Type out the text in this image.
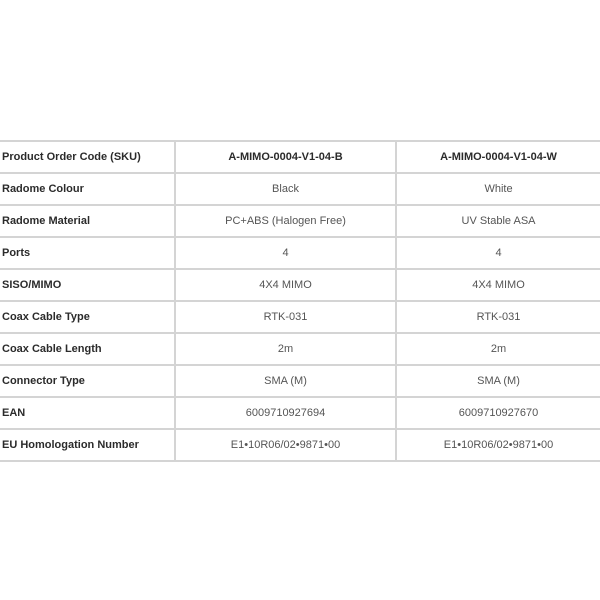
Product Order Code (SKU)	A-MIMO-0004-V1-04-B	A-MIMO-0004-V1-04-W
Radome Colour	Black	White
Radome Material	PC+ABS (Halogen Free)	UV Stable ASA
Ports	4	4
SISO/MIMO	4X4 MIMO	4X4 MIMO
Coax Cable Type	RTK-031	RTK-031
Coax Cable Length	2m	2m
Connector Type	SMA (M)	SMA (M)
EAN	6009710927694	6009710927670
EU Homologation Number	E1•10R06/02•9871•00	E1•10R06/02•9871•00
